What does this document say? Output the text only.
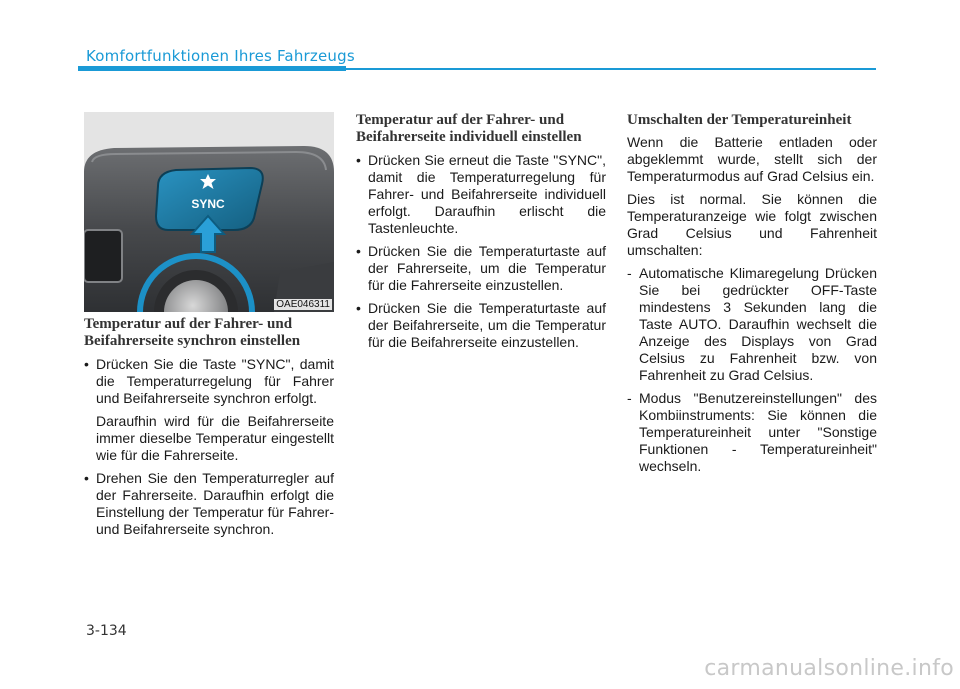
Komfortfunktionen Ihres Fahrzeugs
SYNC
OAE046311
Temperatur auf der Fahrer- und Beifahrerseite synchron einstellen

• Drücken Sie die Taste "SYNC", damit die Temperaturregelung für Fahrer und Beifahrerseite synchron erfolgt.

Daraufhin wird für die Beifahrerseite immer dieselbe Temperatur eingestellt wie für die Fahrerseite.

• Drehen Sie den Temperaturregler auf der Fahrerseite. Daraufhin erfolgt die Einstellung der Temperatur für Fahrer- und Beifahrerseite synchron.

Temperatur auf der Fahrer- und Beifahrerseite individuell einstellen

• Drücken Sie erneut die Taste "SYNC", damit die Temperaturregelung für Fahrer- und Beifahrerseite individuell erfolgt. Daraufhin erlischt die Tastenleuchte.

• Drücken Sie die Temperaturtaste auf der Fahrerseite, um die Temperatur für die Fahrerseite einzustellen.

• Drücken Sie die Temperaturtaste auf der Beifahrerseite, um die Temperatur für die Beifahrerseite einzustellen.

Umschalten der Temperatureinheit

Wenn die Batterie entladen oder abgeklemmt wurde, stellt sich der Temperaturmodus auf Grad Celsius ein.

Dies ist normal. Sie können die Temperaturanzeige wie folgt zwischen Grad Celsius und Fahrenheit umschalten:

- Automatische Klimaregelung Drücken Sie bei gedrückter OFF-Taste mindestens 3 Sekunden lang die Taste AUTO. Daraufhin wechselt die Anzeige des Displays von Grad Celsius zu Fahrenheit bzw. von Fahrenheit zu Grad Celsius.

- Modus "Benutzereinstellungen" des Kombiinstruments: Sie können die Temperatureinheit unter "Sonstige Funktionen - Temperatureinheit" wechseln.

3-134
carmanualsonline.info
